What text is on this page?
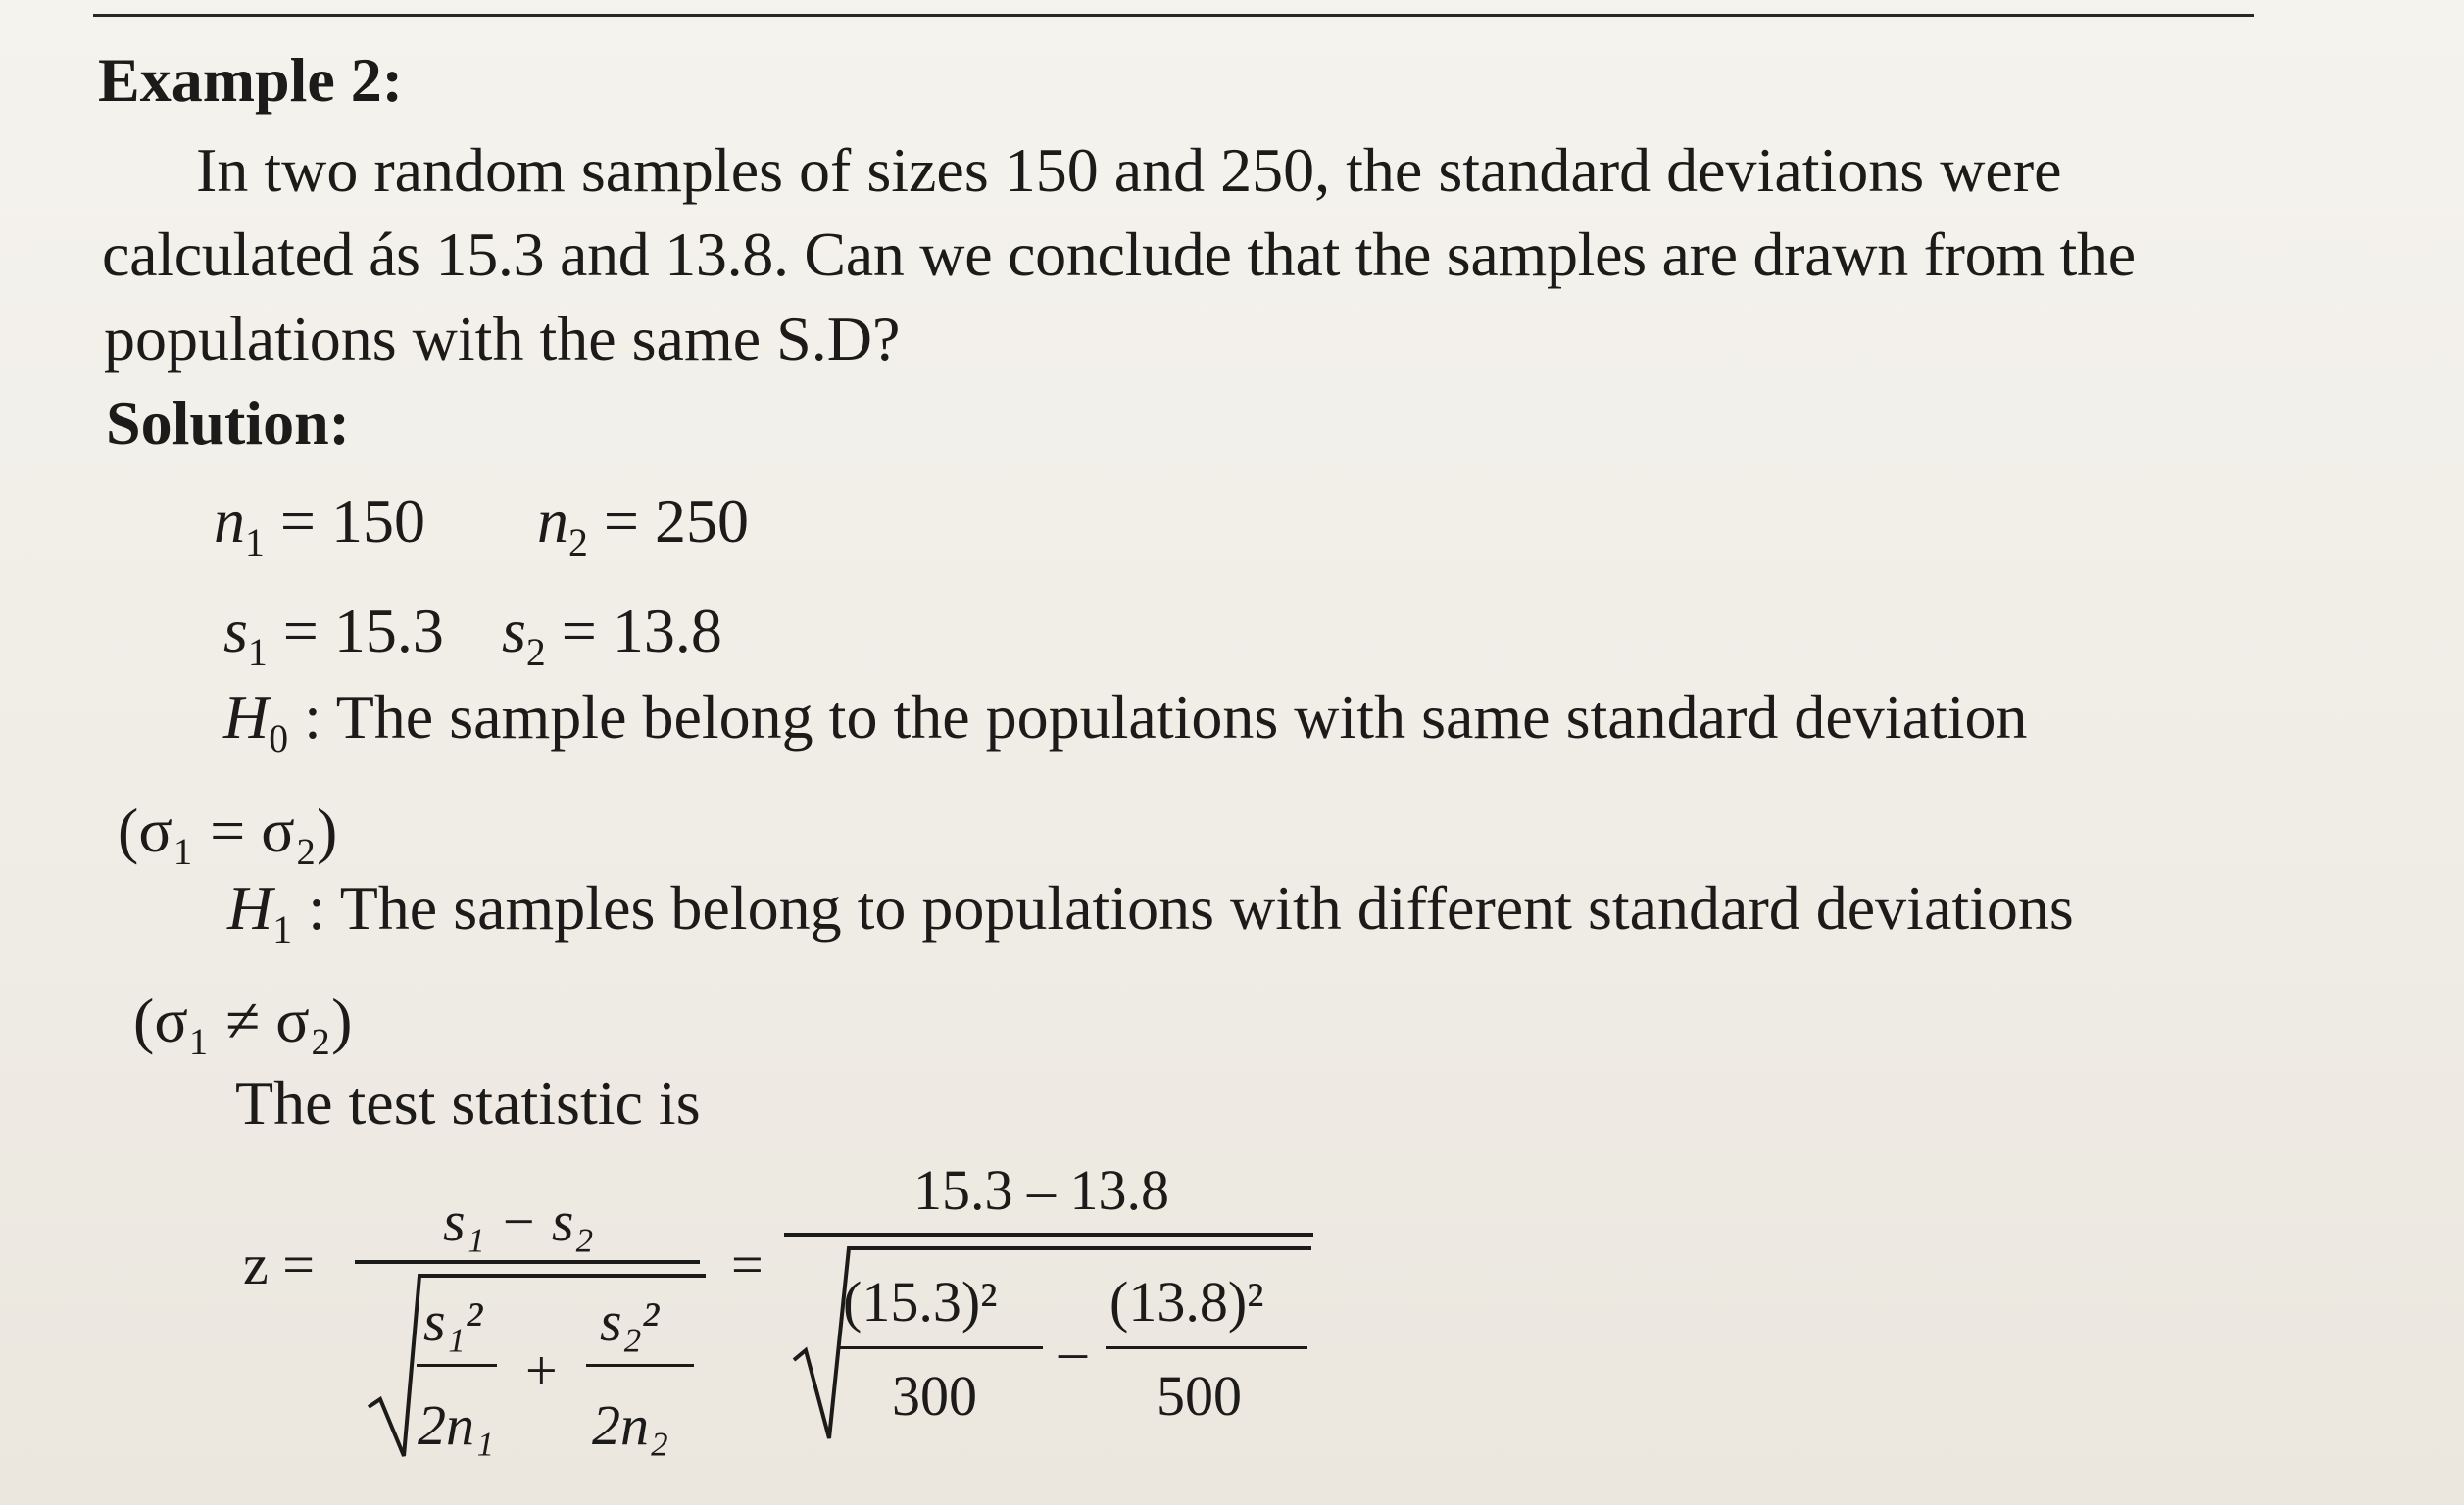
Example 2:
In two random samples of sizes 150 and 250, the standard deviations were
calculated ás 15.3 and 13.8. Can we conclude that the samples are drawn from the
populations with the same S.D?
Solution:
$n_1 = 150$ $n_2 = 250$
$s_1 = 15.3$ $s_2 = 13.8$
$H_0$ : The sample belong to the populations with same standard deviation
(σ₁ = σ₂)
$H_1$ : The samples belong to populations with different standard deviations
(σ₁ ≠ σ₂)
The test statistic is
z =
s₁ − s₂
s₁²
2n₁
+
s₂²
2n₂
=
15.3 – 13.8
(15.3)²
300
–
(13.8)²
500
